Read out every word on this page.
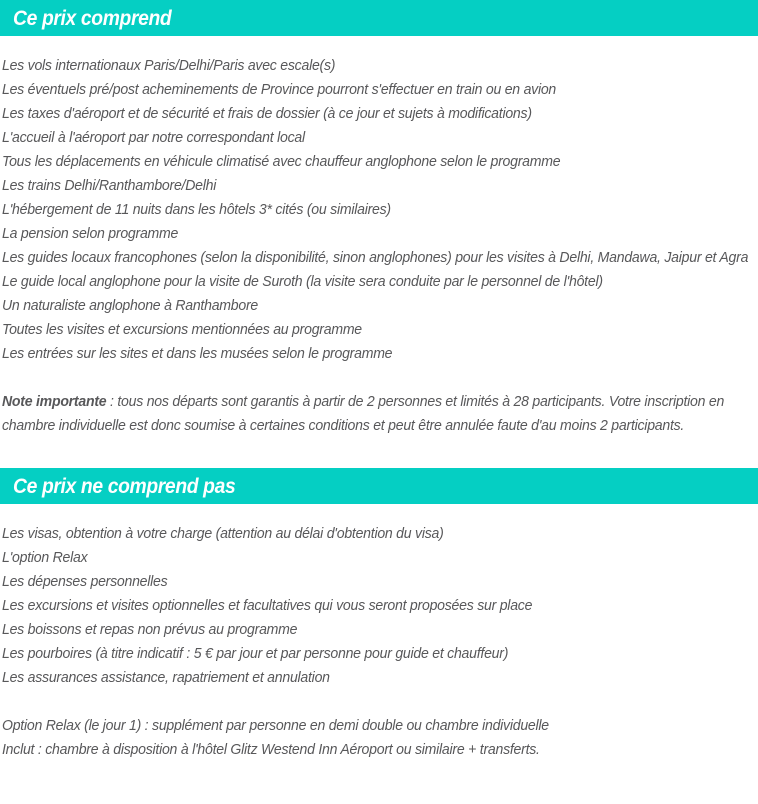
Ce prix comprend
Les vols internationaux Paris/Delhi/Paris avec escale(s)
Les éventuels pré/post acheminements de Province pourront s'effectuer en train ou en avion
Les taxes d'aéroport et de sécurité et frais de dossier (à ce jour et sujets à modifications)
L'accueil à l'aéroport par notre correspondant local
Tous les déplacements en véhicule climatisé avec chauffeur anglophone selon le programme
Les trains Delhi/Ranthambore/Delhi
L'hébergement de 11 nuits dans les hôtels 3* cités (ou similaires)
La pension selon programme
Les guides locaux francophones (selon la disponibilité, sinon anglophones) pour les visites à Delhi, Mandawa, Jaipur et Agra
Le guide local anglophone pour la visite de Suroth (la visite sera conduite par le personnel de l'hôtel)
Un naturaliste anglophone à Ranthambore
Toutes les visites et excursions mentionnées au programme
Les entrées sur les sites et dans les musées selon le programme
Note importante : tous nos départs sont garantis à partir de 2 personnes et limités à 28 participants. Votre inscription en chambre individuelle est donc soumise à certaines conditions et peut être annulée faute d'au moins 2 participants.
Ce prix ne comprend pas
Les visas, obtention à votre charge (attention au délai d'obtention du visa)
L'option Relax
Les dépenses personnelles
Les excursions et visites optionnelles et facultatives qui vous seront proposées sur place
Les boissons et repas non prévus au programme
Les pourboires (à titre indicatif : 5 € par jour et par personne pour guide et chauffeur)
Les assurances assistance, rapatriement et annulation
Option Relax (le jour 1) : supplément par personne en demi double ou chambre individuelle
Inclut : chambre à disposition à l'hôtel Glitz Westend Inn Aéroport ou similaire + transferts.
